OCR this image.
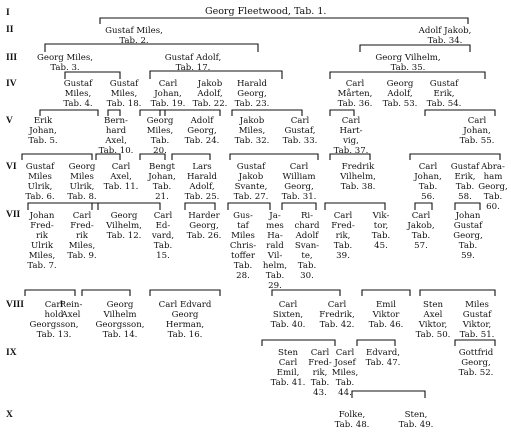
I
II
III
IV
V
VI
VII
VIII
IX
X
Georg Fleetwood, Tab. 1.
Gustaf Miles,
Tab. 2.
Adolf Jakob,
Tab. 34.
Georg Miles,
Tab. 3.
Gustaf Adolf,
Tab. 17.
Georg Vilhelm,
Tab. 35.
Gustaf
Miles,
Tab. 4.
Gustaf
Miles,
Tab. 18.
Carl
Johan,
Tab. 19.
Jakob
Adolf,
Tab. 22.
Harald
Georg,
Tab. 23.
Carl
Mårten,
Tab. 36.
Georg
Adolf,
Tab. 53.
Gustaf
Erik,
Tab. 54.
Erik
Johan,
Tab. 5.
Bern-
hard
Axel,
Tab. 10.
Georg
Miles,
Tab.
20.
Adolf
Georg,
Tab. 24.
Jakob
Miles,
Tab. 32.
Carl
Gustaf,
Tab. 33.
Carl
Hart-
vig,
Tab. 37.
Carl
Johan,
Tab. 55.
Gustaf
Miles
Ulrik,
Tab. 6.
Georg
Miles
Ulrik,
Tab. 8.
Carl
Axel,
Tab. 11.
Bengt
Johan,
Tab.
21.
Lars
Harald
Adolf,
Tab. 25.
Gustaf
Jakob
Svante,
Tab. 27.
Carl
William
Georg,
Tab. 31.
Fredrik
Vilhelm,
Tab. 38.
Carl
Johan,
Tab.
56.
Gustaf
Erik,
Tab.
58.
Abra-
ham
Georg,
Tab. 60.
Johan
Fred-
rik
Ulrik
Miles,
Tab. 7.
Carl
Fred-
rik
Miles,
Tab. 9.
Georg
Vilhelm,
Tab. 12.
Carl
Ed-
vard,
Tab.
15.
Harder
Georg,
Tab. 26.
Gus-
taf
Miles
Chris-
toffer
Tab.
28.
Ja-
mes
Ha-
rald
Vil-
helm,
Tab.
29.
Ri-
chard
Adolf
Svan-
te,
Tab.
30.
Carl
Fred-
rik,
Tab.
39.
Vik-
tor,
Tab.
45.
Carl
Jakob,
Tab.
57.
Johan
Gustaf
Georg,
Tab.
59.
Carl
hold
Georgsson,
Tab. 13.
Rein-
Axel
Georg
Vilhelm
Georgsson,
Tab. 14.
Carl Edvard
Georg
Herman,
Tab. 16.
Carl
Sixten,
Tab. 40.
Carl
Fredrik,
Tab. 42.
Emil
Viktor
Tab. 46.
Sten
Axel
Viktor,
Tab. 50.
Miles
Gustaf
Viktor,
Tab. 51.
Sten
Carl
Emil,
Tab. 41.
Carl
Fred-
rik,
Tab.
43.
Carl
Josef
Miles,
Tab.
44.
Edvard,
Tab. 47.
Gottfrid
Georg,
Tab. 52.
Folke,
Tab. 48.
Sten,
Tab. 49.
